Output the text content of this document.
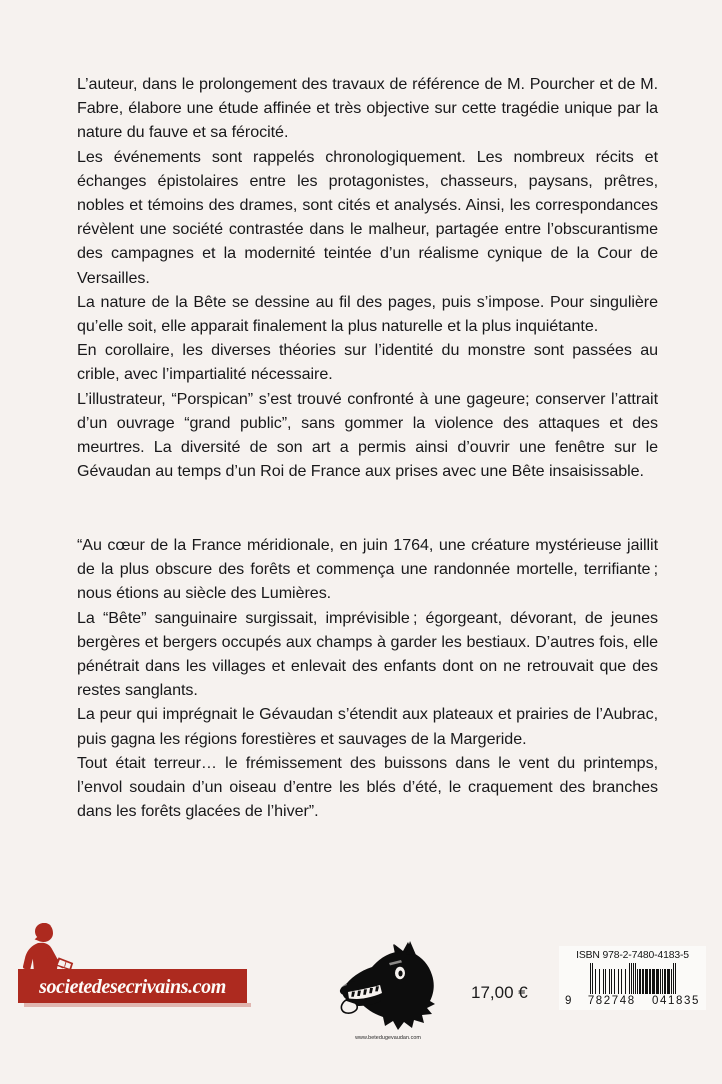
L’auteur, dans le prolongement des travaux de référence de M. Pourcher et de M. Fabre, élabore une étude affinée et très objective sur cette tragédie unique par la nature du fauve et sa férocité.

Les événements sont rappelés chronologiquement. Les nombreux récits et échanges épistolaires entre les protagonistes, chasseurs, paysans, prêtres, nobles et témoins des drames, sont cités et analysés. Ainsi, les correspondances révèlent une société contrastée dans le malheur, partagée entre l’obscurantisme des campagnes et la modernité teintée d’un réalisme cynique de la Cour de Versailles.

La nature de la Bête se dessine au fil des pages, puis s’impose. Pour singulière qu’elle soit, elle apparait finalement la plus naturelle et la plus inquiétante.

En corollaire, les diverses théories sur l’identité du monstre sont passées au crible, avec l’impartialité nécessaire.

L’illustrateur, “Porspican” s’est trouvé confronté à une gageure; conserver l’attrait d’un ouvrage “grand public”, sans gommer la violence des attaques et des meurtres. La diversité de son art a permis ainsi d’ouvrir une fenêtre sur le Gévaudan au temps d’un Roi de France aux prises avec une Bête insaisissable.

“Au cœur de la France méridionale, en juin 1764, une créature mystérieuse jaillit de la plus obscure des forêts et commença une randonnée mortelle, terrifiante ; nous étions au siècle des Lumières.

La “Bête” sanguinaire surgissait, imprévisible ; égorgeant, dévorant, de jeunes bergères et bergers occupés aux champs à garder les bestiaux. D’autres fois, elle pénétrait dans les villages et enlevait des enfants dont on ne retrouvait que des restes sanglants.

La peur qui imprégnait le Gévaudan s’étendit aux plateaux et prairies de l’Aubrac, puis gagna les régions forestières et sauvages de la Margeride.

Tout était terreur… le frémissement des buissons dans le vent du printemps, l’envol soudain d’un oiseau d’entre les blés d’été, le craquement des branches dans les forêts glacées de l’hiver”.

societedesecrivains.com
www.betedugevaudan.com
17,00 €
ISBN 978-2-7480-4183-5
9 782748 041835
